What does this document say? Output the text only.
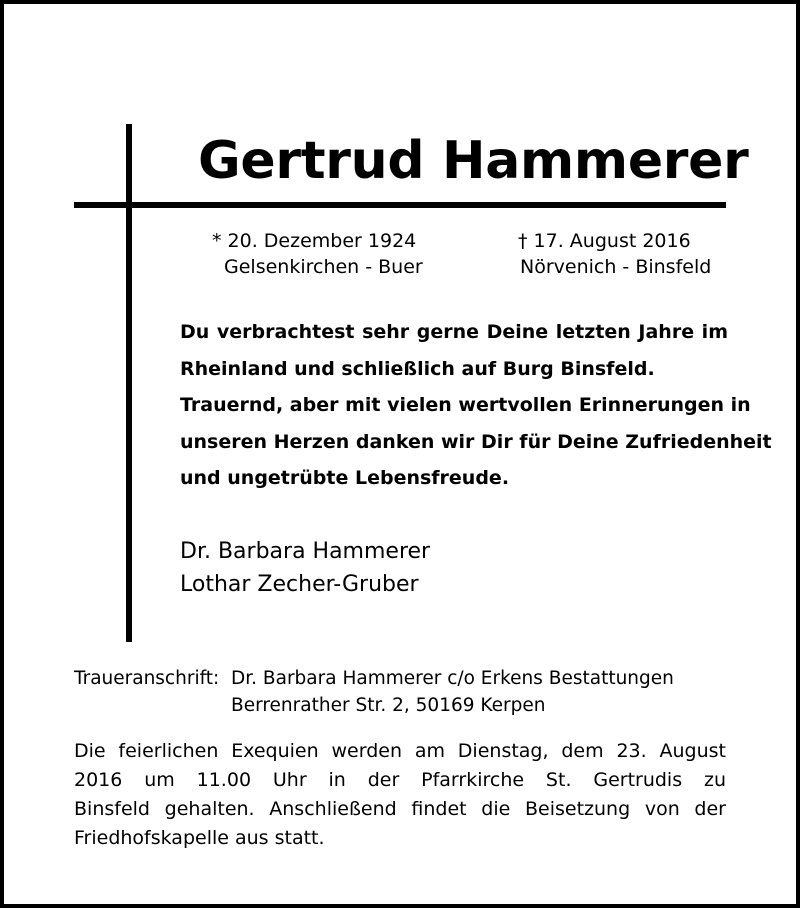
Gertrud Hammerer
* 20. Dezember 1924
Gelsenkirchen - Buer
† 17. August 2016
Nörvenich - Binsfeld
Du verbrachtest sehr gerne Deine letzten Jahre im
Rheinland und schließlich auf Burg Binsfeld.
Trauernd, aber mit vielen wertvollen Erinnerungen in
unseren Herzen danken wir Dir für Deine Zufriedenheit
und ungetrübte Lebensfreude.
Dr. Barbara Hammerer
Lothar Zecher-Gruber
Traueranschrift: Dr. Barbara Hammerer c/o Erkens Bestattungen
Berrenrather Str. 2, 50169 Kerpen
Die feierlichen Exequien werden am Dienstag, dem 23. August
2016 um 11.00 Uhr in der Pfarrkirche St. Gertrudis zu
Binsfeld gehalten. Anschließend findet die Beisetzung von der
Friedhofskapelle aus statt.
